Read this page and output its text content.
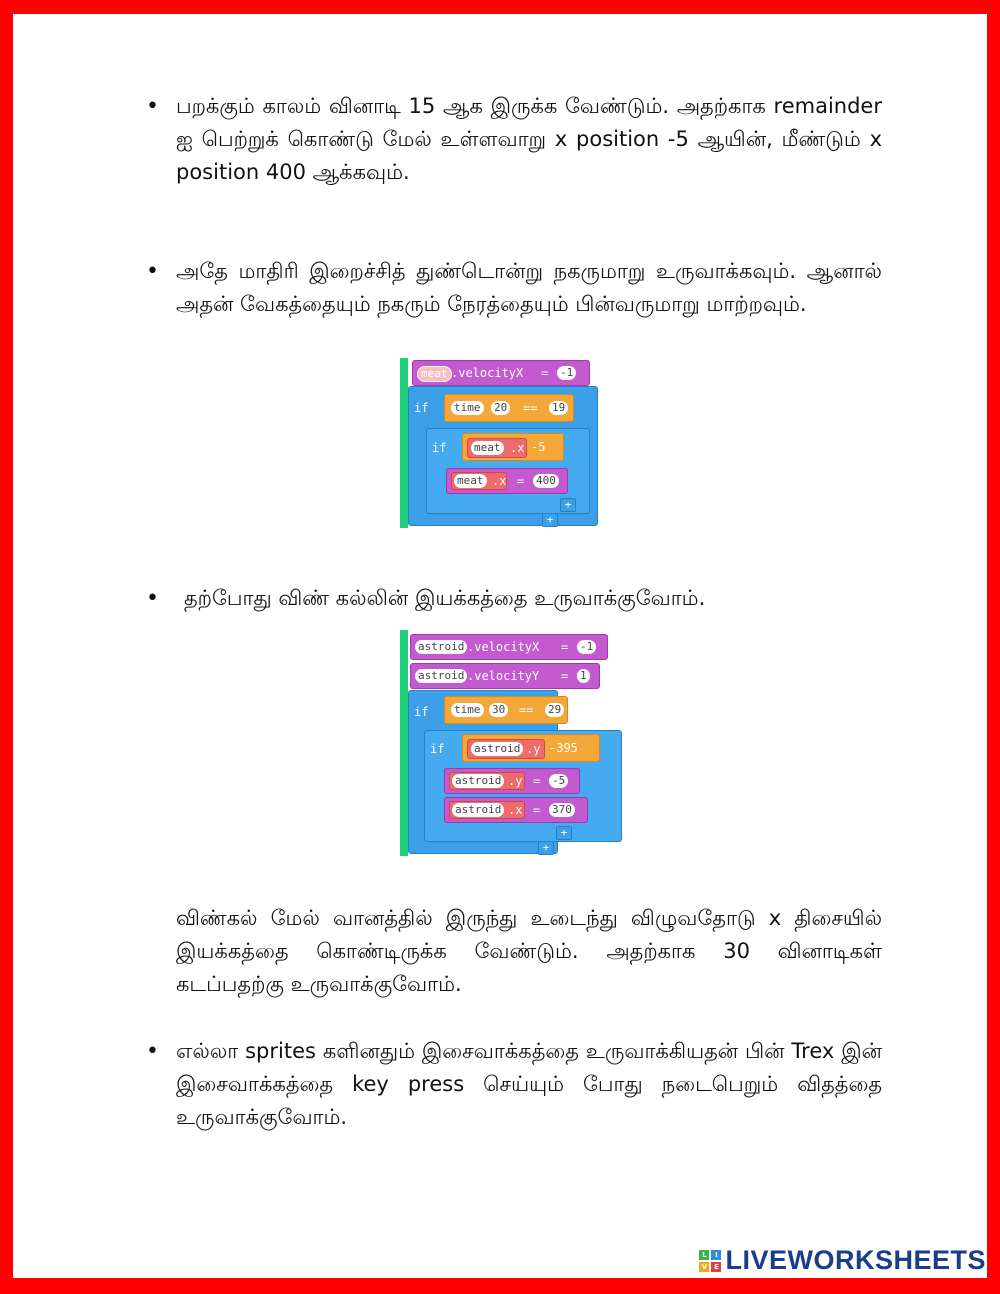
• பறக்கும் காலம் வினாடி 15 ஆக இருக்க வேண்டும். அதற்காக remainder ஐ பெற்றுக் கொண்டு மேல் உள்ளவாறு x position -5 ஆயின், மீண்டும் x position 400 ஆக்கவும்.
• அதே மாதிரி இறைச்சித் துண்டொன்று நகருமாறு உருவாக்கவும். ஆனால் அதன் வேகத்தையும் நகரும் நேரத்தையும் பின்வருமாறு மாற்றவும்.
meat .velocityX = -1
if time 20 == 19
if	meat .x -5
meat .x = 400
+
+
• தற்போது விண் கல்லின் இயக்கத்தை உருவாக்குவோம்.
astroid .velocityX = -1
astroid .velocityY = 1
if time 30 == 29
if	astroid .y -395
astroid .y = -5
astroid .x = 370
+
+
விண்கல் மேல் வானத்தில் இருந்து உடைந்து விழுவதோடு x திசையில் இயக்கத்தை கொண்டிருக்க வேண்டும். அதற்காக 30 வினாடிகள் கடப்பதற்கு உருவாக்குவோம்.
• எல்லா sprites களினதும் இசைவாக்கத்தை உருவாக்கியதன் பின் Trex இன் இசைவாக்கத்தை key press செய்யும் போது நடைபெறும் விதத்தை உருவாக்குவோம்.
L	I
V E LIVEWORKSHEETS
